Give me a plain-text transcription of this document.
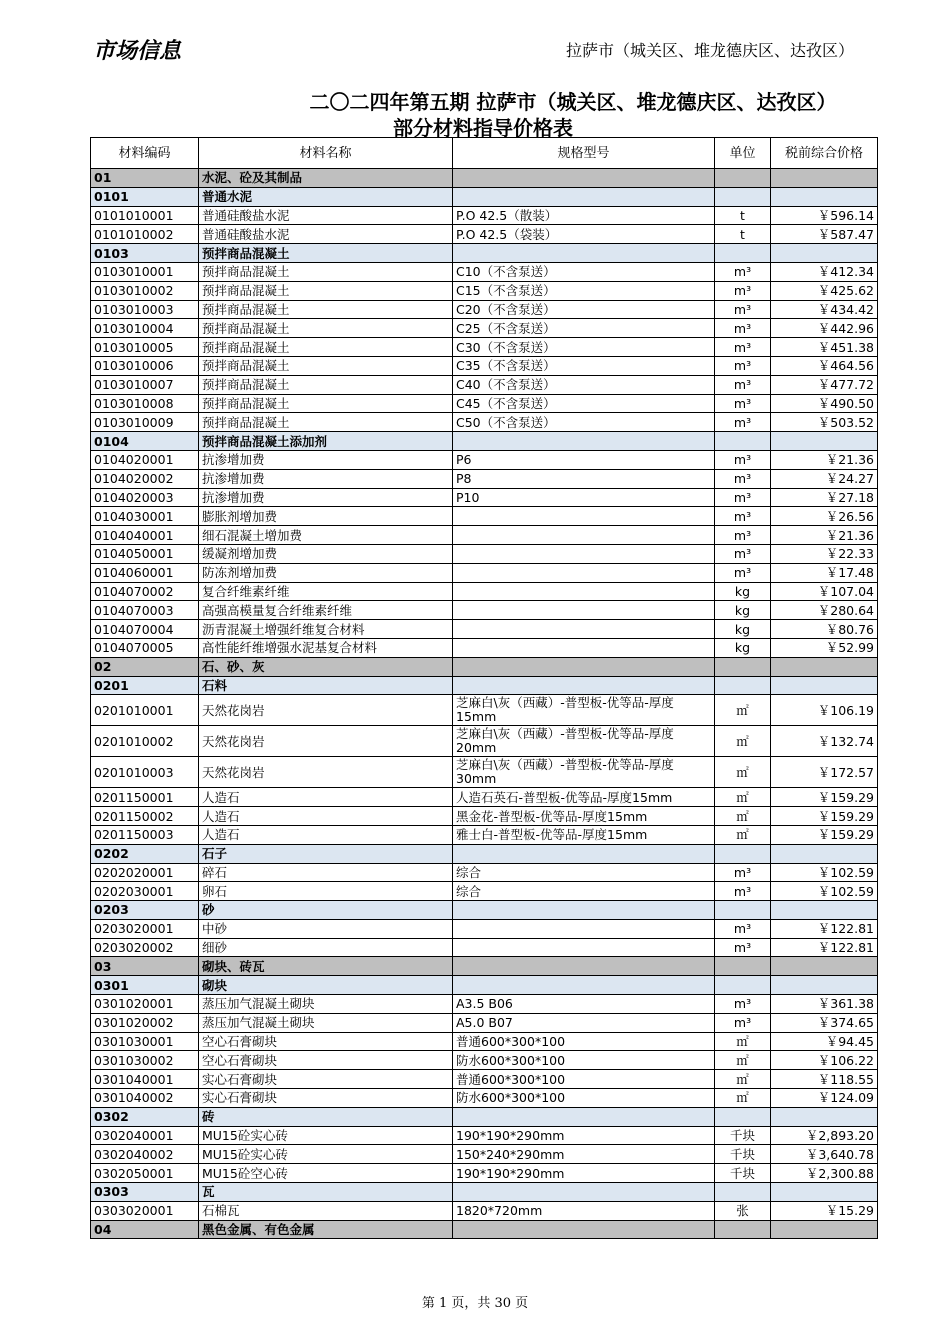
市场信息	拉萨市（城关区、堆龙德庆区、达孜区）
二〇二四年第五期 拉萨市（城关区、堆龙德庆区、达孜区）
部分材料指导价格表
材料编码	材料名称	规格型号	单位	税前综合价格
01	水泥、砼及其制品			
0101	普通水泥			
0101010001	普通硅酸盐水泥	P.O 42.5（散装）	t	￥596.14
0101010002	普通硅酸盐水泥	P.O 42.5（袋装）	t	￥587.47
0103	预拌商品混凝土			
0103010001	预拌商品混凝土	C10（不含泵送）	m³	￥412.34
0103010002	预拌商品混凝土	C15（不含泵送）	m³	￥425.62
0103010003	预拌商品混凝土	C20（不含泵送）	m³	￥434.42
0103010004	预拌商品混凝土	C25（不含泵送）	m³	￥442.96
0103010005	预拌商品混凝土	C30（不含泵送）	m³	￥451.38
0103010006	预拌商品混凝土	C35（不含泵送）	m³	￥464.56
0103010007	预拌商品混凝土	C40（不含泵送）	m³	￥477.72
0103010008	预拌商品混凝土	C45（不含泵送）	m³	￥490.50
0103010009	预拌商品混凝土	C50（不含泵送）	m³	￥503.52
0104	预拌商品混凝土添加剂			
0104020001	抗渗增加费	P6	m³	￥21.36
0104020002	抗渗增加费	P8	m³	￥24.27
0104020003	抗渗增加费	P10	m³	￥27.18
0104030001	膨胀剂增加费		m³	￥26.56
0104040001	细石混凝土增加费		m³	￥21.36
0104050001	缓凝剂增加费		m³	￥22.33
0104060001	防冻剂增加费		m³	￥17.48
0104070002	复合纤维素纤维		kg	￥107.04
0104070003	高强高模量复合纤维素纤维		kg	￥280.64
0104070004	沥青混凝土增强纤维复合材料		kg	￥80.76
0104070005	高性能纤维增强水泥基复合材料		kg	￥52.99
02	石、砂、灰			
0201	石料			
0201010001	天然花岗岩	芝麻白\灰（西藏）-普型板-优等品-厚度15mm	㎡	￥106.19
0201010002	天然花岗岩	芝麻白\灰（西藏）-普型板-优等品-厚度 20mm	㎡	￥132.74
0201010003	天然花岗岩	芝麻白\灰（西藏）-普型板-优等品-厚度 30mm	㎡	￥172.57
0201150001	人造石	人造石英石-普型板-优等品-厚度15mm	㎡	￥159.29
0201150002	人造石	黑金花-普型板-优等品-厚度15mm	㎡	￥159.29
0201150003	人造石	雅士白-普型板-优等品-厚度15mm	㎡	￥159.29
0202	石子			
0202020001	碎石	综合	m³	￥102.59
0202030001	卵石	综合	m³	￥102.59
0203	砂			
0203020001	中砂		m³	￥122.81
0203020002	细砂		m³	￥122.81
03	砌块、砖瓦			
0301	砌块			
0301020001	蒸压加气混凝土砌块	A3.5 B06	m³	￥361.38
0301020002	蒸压加气混凝土砌块	A5.0 B07	m³	￥374.65
0301030001	空心石膏砌块	普通600*300*100	㎡	￥94.45
0301030002	空心石膏砌块	防水600*300*100	㎡	￥106.22
0301040001	实心石膏砌块	普通600*300*100	㎡	￥118.55
0301040002	实心石膏砌块	防水600*300*100	㎡	￥124.09
0302	砖			
0302040001	MU15砼实心砖	190*190*290mm	千块	￥2,893.20
0302040002	MU15砼实心砖	150*240*290mm	千块	￥3,640.78
0302050001	MU15砼空心砖	190*190*290mm	千块	￥2,300.88
0303	瓦			
0303020001	石棉瓦	1820*720mm	张	￥15.29
04	黑色金属、有色金属			
第 1 页，共 30 页
